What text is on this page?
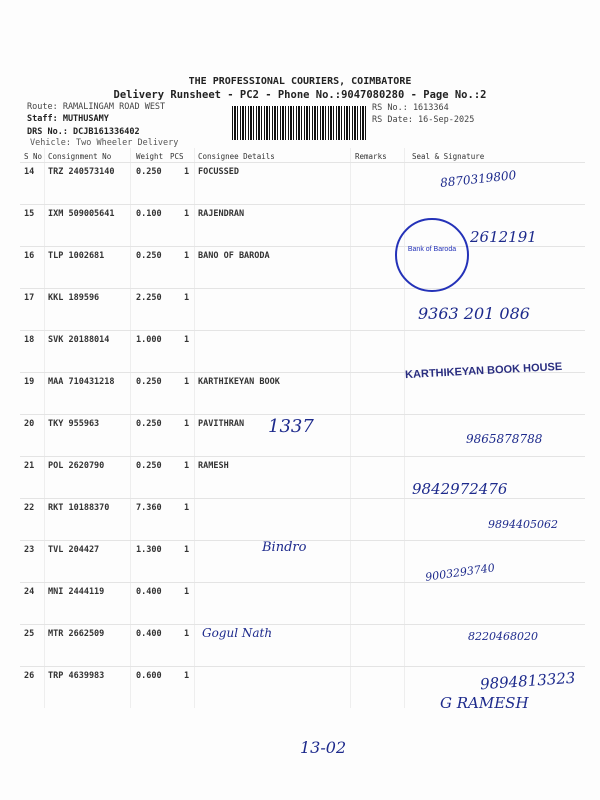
THE PROFESSIONAL COURIERS, COIMBATORE
Delivery Runsheet - PC2 - Phone No.:9047080280 - Page No.:2
Route: RAMALINGAM ROAD WEST
Staff: MUTHUSAMY
DRS No.: DCJB161336402
Vehicle: Two Wheeler Delivery
RS No.: 1613364
RS Date: 16-Sep-2025
S No Consignment No	Weight PCS Consignee Details	Remarks	Seal & Signature
14 TRZ 240573140	0.250	1 FOCUSSED
15 IXM 509005641	0.100	1 RAJENDRAN
16 TLP 1002681	0.250	1 BANO OF BARODA
17 KKL 189596	2.250	1
18 SVK 20188014	1.000	1
19 MAA 710431218	0.250	1 KARTHIKEYAN BOOK
20 TKY 955963	0.250	1 PAVITHRAN
21 POL 2620790	0.250	1 RAMESH
22 RKT 10188370	7.360	1
23 TVL 204427	1.300	1
24 MNI 2444119	0.400	1
25 MTR 2662509	0.400	1
26 TRP 4639983	0.600	1
Bank of Baroda
KARTHIKEYAN BOOK HOUSE
8870319800
2612191
9363 201 086
9865878788
9842972476
9894405062
9003293740
8220468020
9894813323
G RAMESH
13-02
1337
Gogul Nath
Bindro
